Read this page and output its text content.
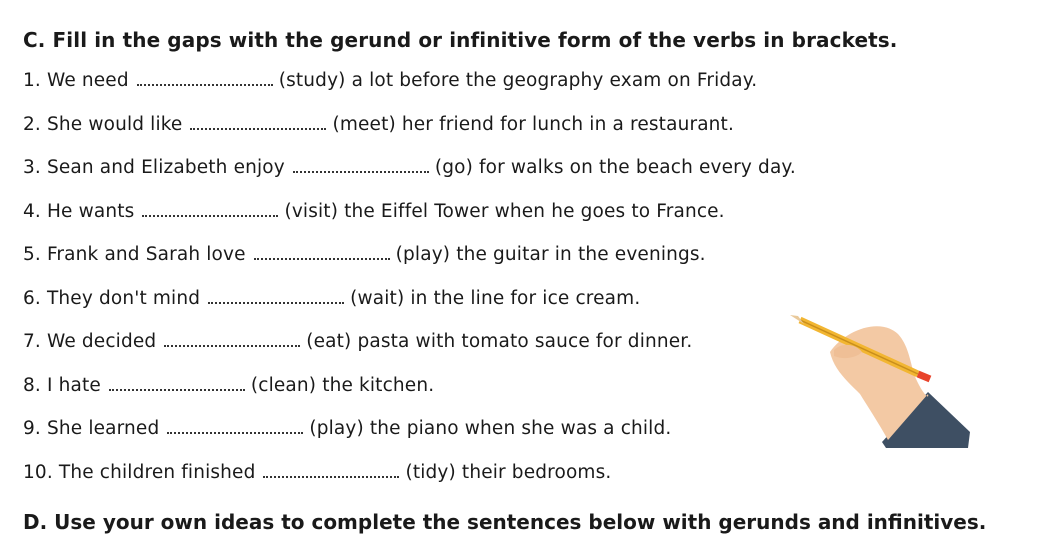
C. Fill in the gaps with the gerund or infinitive form of the verbs in brackets.
1. We need	(study) a lot before the geography exam on Friday.
2. She would like	(meet) her friend for lunch in a restaurant.
3. Sean and Elizabeth enjoy	(go) for walks on the beach every day.
4. He wants	(visit) the Eiffel Tower when he goes to France.
5. Frank and Sarah love	(play) the guitar in the evenings.
6. They don't mind	(wait) in the line for ice cream.
7. We decided	(eat) pasta with tomato sauce for dinner.
8. I hate	(clean) the kitchen.
9. She learned	(play) the piano when she was a child.
10. The children finished	(tidy) their bedrooms.
D. Use your own ideas to complete the sentences below with gerunds and infinitives.
